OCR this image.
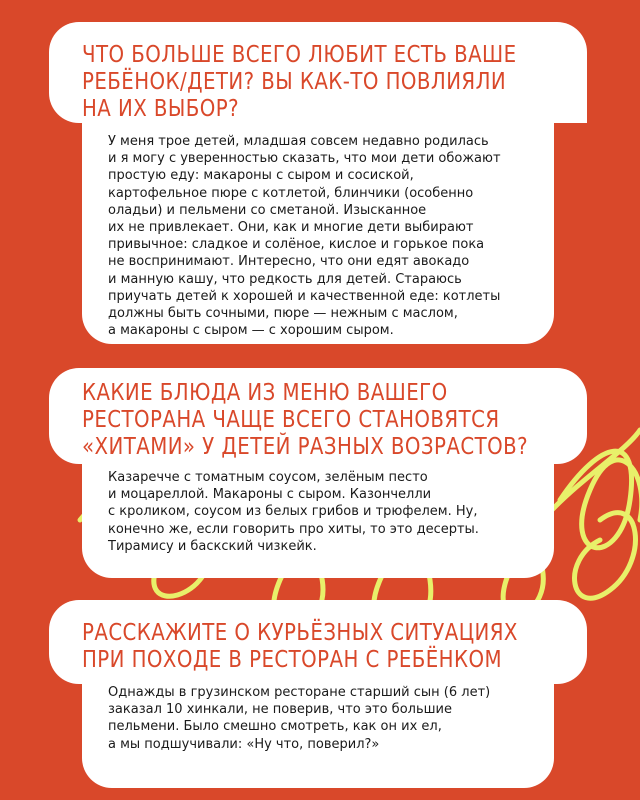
ЧТО БОЛЬШЕ ВСЕГО ЛЮБИТ ЕСТЬ ВАШЕ
РЕБЁНОК/ДЕТИ? ВЫ КАК-ТО ПОВЛИЯЛИ
НА ИХ ВЫБОР?

У меня трое детей, младшая совсем недавно родилась
и я могу с уверенностью сказать, что мои дети обожают
простую еду: макароны с сыром и сосиской,
картофельное пюре с котлетой, блинчики (особенно
оладьи) и пельмени со сметаной. Изысканное
их не привлекает. Они, как и многие дети выбирают
привычное: сладкое и солёное, кислое и горькое пока
не воспринимают. Интересно, что они едят авокадо
и манную кашу, что редкость для детей. Стараюсь
приучать детей к хорошей и качественной еде: котлеты
должны быть сочными, пюре — нежным с маслом,
а макароны с сыром — с хорошим сыром.

КАКИЕ БЛЮДА ИЗ МЕНЮ ВАШЕГО
РЕСТОРАНА ЧАЩЕ ВСЕГО СТАНОВЯТСЯ
«ХИТАМИ» У ДЕТЕЙ РАЗНЫХ ВОЗРАСТОВ?

Казаречче с томатным соусом, зелёным песто
и моцареллой. Макароны с сыром. Казончелли
с кроликом, соусом из белых грибов и трюфелем. Ну,
конечно же, если говорить про хиты, то это десерты.
Тирамису и баскский чизкейк.

РАССКАЖИТЕ О КУРЬЁЗНЫХ СИТУАЦИЯХ
ПРИ ПОХОДЕ В РЕСТОРАН С РЕБЁНКОМ

Однажды в грузинском ресторане старший сын (6 лет)
заказал 10 хинкали, не поверив, что это большие
пельмени. Было смешно смотреть, как он их ел,
а мы подшучивали: «Ну что, поверил?»
